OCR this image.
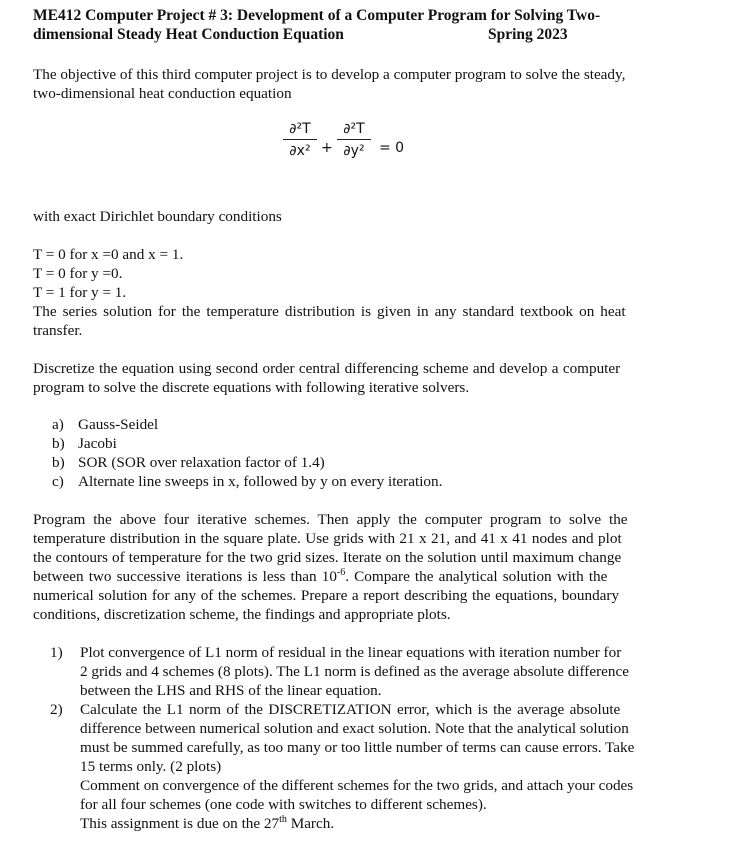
ME412 Computer Project # 3: Development of a Computer Program for Solving Two-
dimensional Steady Heat Conduction Equation	Spring 2023
The objective of this third computer project is to develop a computer program to solve the steady,
two-dimensional heat conduction equation
∂²T
∂x² +
∂²T
∂y²	= 0
with exact Dirichlet boundary conditions
T = 0 for x =0 and x = 1.
T = 0 for y =0.
T = 1 for y = 1.
The series solution for the temperature distribution is given in any standard textbook on heat
transfer.
Discretize the equation using second order central differencing scheme and develop a computer
program to solve the discrete equations with following iterative solvers.
a) Gauss-Seidel
b) Jacobi
b) SOR (SOR over relaxation factor of 1.4)
c) Alternate line sweeps in x, followed by y on every iteration.
Program the above four iterative schemes. Then apply the computer program to solve the
temperature distribution in the square plate. Use grids with 21 x 21, and 41 x 41 nodes and plot
the contours of temperature for the two grid sizes. Iterate on the solution until maximum change
between two successive iterations is less than $10^{-6}$. Compare the analytical solution with the
numerical solution for any of the schemes. Prepare a report describing the equations, boundary
conditions, discretization scheme, the findings and appropriate plots.
1) Plot convergence of L1 norm of residual in the linear equations with iteration number for
2 grids and 4 schemes (8 plots). The L1 norm is defined as the average absolute difference
between the LHS and RHS of the linear equation.
2) Calculate the L1 norm of the DISCRETIZATION error, which is the average absolute
difference between numerical solution and exact solution. Note that the analytical solution
must be summed carefully, as too many or too little number of terms can cause errors. Take
15 terms only. (2 plots)
Comment on convergence of the different schemes for the two grids, and attach your codes
for all four schemes (one code with switches to different schemes).
This assignment is due on the 27th March.
